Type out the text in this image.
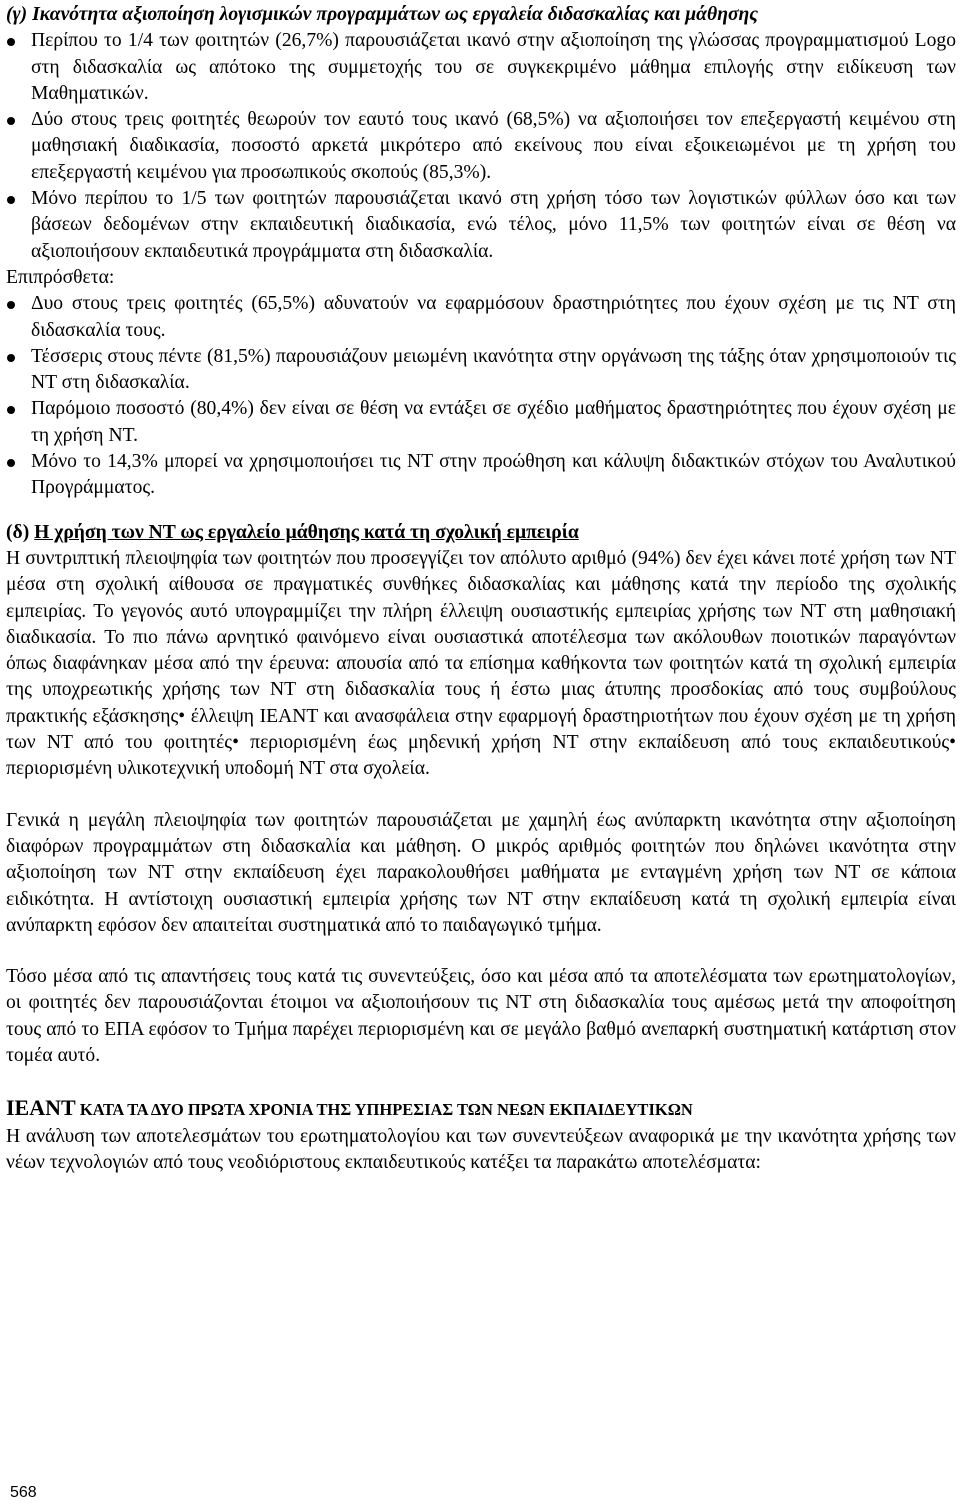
(γ) Ικανότητα αξιοποίηση λογισμικών προγραμμάτων ως εργαλεία διδασκαλίας και μάθησης

Περίπου το 1/4 των φοιτητών (26,7%) παρουσιάζεται ικανό στην αξιοποίηση της γλώσσας προγραμματισμού Logo στη διδασκαλία ως απότοκο της συμμετοχής του σε συγκεκριμένο μάθημα επιλογής στην ειδίκευση των Μαθηματικών.
Δύο στους τρεις φοιτητές θεωρούν τον εαυτό τους ικανό (68,5%) να αξιοποιήσει τον επεξεργαστή κειμένου στη μαθησιακή διαδικασία, ποσοστό αρκετά μικρότερο από εκείνους που είναι εξοικειωμένοι με τη χρήση του επεξεργαστή κειμένου για προσωπικούς σκοπούς (85,3%).
Μόνο περίπου το 1/5 των φοιτητών παρουσιάζεται ικανό στη χρήση τόσο των λογιστικών φύλλων όσο και των βάσεων δεδομένων στην εκπαιδευτική διαδικασία, ενώ τέλος, μόνο 11,5% των φοιτητών είναι σε θέση να αξιοποιήσουν εκπαιδευτικά προγράμματα στη διδασκαλία.

Επιπρόσθετα:

Δυο στους τρεις φοιτητές (65,5%) αδυνατούν να εφαρμόσουν δραστηριότητες που έχουν σχέση με τις ΝΤ στη διδασκαλία τους.
Τέσσερις στους πέντε (81,5%) παρουσιάζουν μειωμένη ικανότητα στην οργάνωση της τάξης όταν χρησιμοποιούν τις ΝΤ στη διδασκαλία.
Παρόμοιο ποσοστό (80,4%) δεν είναι σε θέση να εντάξει σε σχέδιο μαθήματος δραστηριότητες που έχουν σχέση με τη χρήση ΝΤ.
Μόνο το 14,3% μπορεί να χρησιμοποιήσει τις ΝΤ στην προώθηση και κάλυψη διδακτικών στόχων του Αναλυτικού Προγράμματος.

(δ) Η χρήση των ΝΤ ως εργαλείο μάθησης κατά τη σχολική εμπειρία

Η συντριπτική πλειοψηφία των φοιτητών που προσεγγίζει τον απόλυτο αριθμό (94%) δεν έχει κάνει ποτέ χρήση των ΝΤ μέσα στη σχολική αίθουσα σε πραγματικές συνθήκες διδασκαλίας και μάθησης κατά την περίοδο της σχολικής εμπειρίας. Το γεγονός αυτό υπογραμμίζει την πλήρη έλλειψη ουσιαστικής εμπειρίας χρήσης των ΝΤ στη μαθησιακή διαδικασία. Το πιο πάνω αρνητικό φαινόμενο είναι ουσιαστικά αποτέλεσμα των ακόλουθων ποιοτικών παραγόντων όπως διαφάνηκαν μέσα από την έρευνα: απουσία από τα επίσημα καθήκοντα των φοιτητών κατά τη σχολική εμπειρία της υποχρεωτικής χρήσης των ΝΤ στη διδασκαλία τους ή έστω μιας άτυπης προσδοκίας από τους συμβούλους πρακτικής εξάσκησης• έλλειψη ΙΕΑΝΤ και ανασφάλεια στην εφαρμογή δραστηριοτήτων που έχουν σχέση με τη χρήση των ΝΤ από του φοιτητές• περιορισμένη έως μηδενική χρήση ΝΤ στην εκπαίδευση από τους εκπαιδευτικούς• περιορισμένη υλικοτεχνική υποδομή ΝΤ στα σχολεία.

Γενικά η μεγάλη πλειοψηφία των φοιτητών παρουσιάζεται με χαμηλή έως ανύπαρκτη ικανότητα στην αξιοποίηση διαφόρων προγραμμάτων στη διδασκαλία και μάθηση. Ο μικρός αριθμός φοιτητών που δηλώνει ικανότητα στην αξιοποίηση των ΝΤ στην εκπαίδευση έχει παρακολουθήσει μαθήματα με ενταγμένη χρήση των ΝΤ σε κάποια ειδικότητα. Η αντίστοιχη ουσιαστική εμπειρία χρήσης των ΝΤ στην εκπαίδευση κατά τη σχολική εμπειρία είναι ανύπαρκτη εφόσον δεν απαιτείται συστηματικά από το παιδαγωγικό τμήμα.

Τόσο μέσα από τις απαντήσεις τους κατά τις συνεντεύξεις, όσο και μέσα από τα αποτελέσματα των ερωτηματολογίων, οι φοιτητές δεν παρουσιάζονται έτοιμοι να αξιοποιήσουν τις ΝΤ στη διδασκαλία τους αμέσως μετά την αποφοίτηση τους από το ΕΠΑ εφόσον το Τμήμα παρέχει περιορισμένη και σε μεγάλο βαθμό ανεπαρκή συστηματική κατάρτιση στον τομέα αυτό.

ΙΕΑΝΤ ΚΑΤΑ ΤΑ ΔΥΟ ΠΡΩΤΑ ΧΡΟΝΙΑ ΤΗΣ ΥΠΗΡΕΣΙΑΣ ΤΩΝ ΝΕΩΝ ΕΚΠΑΙΔΕΥΤΙΚΩΝ

Η ανάλυση των αποτελεσμάτων του ερωτηματολογίου και των συνεντεύξεων αναφορικά με την ικανότητα χρήσης των νέων τεχνολογιών από τους νεοδιόριστους εκπαιδευτικούς κατέξει τα παρακάτω αποτελέσματα:

568
